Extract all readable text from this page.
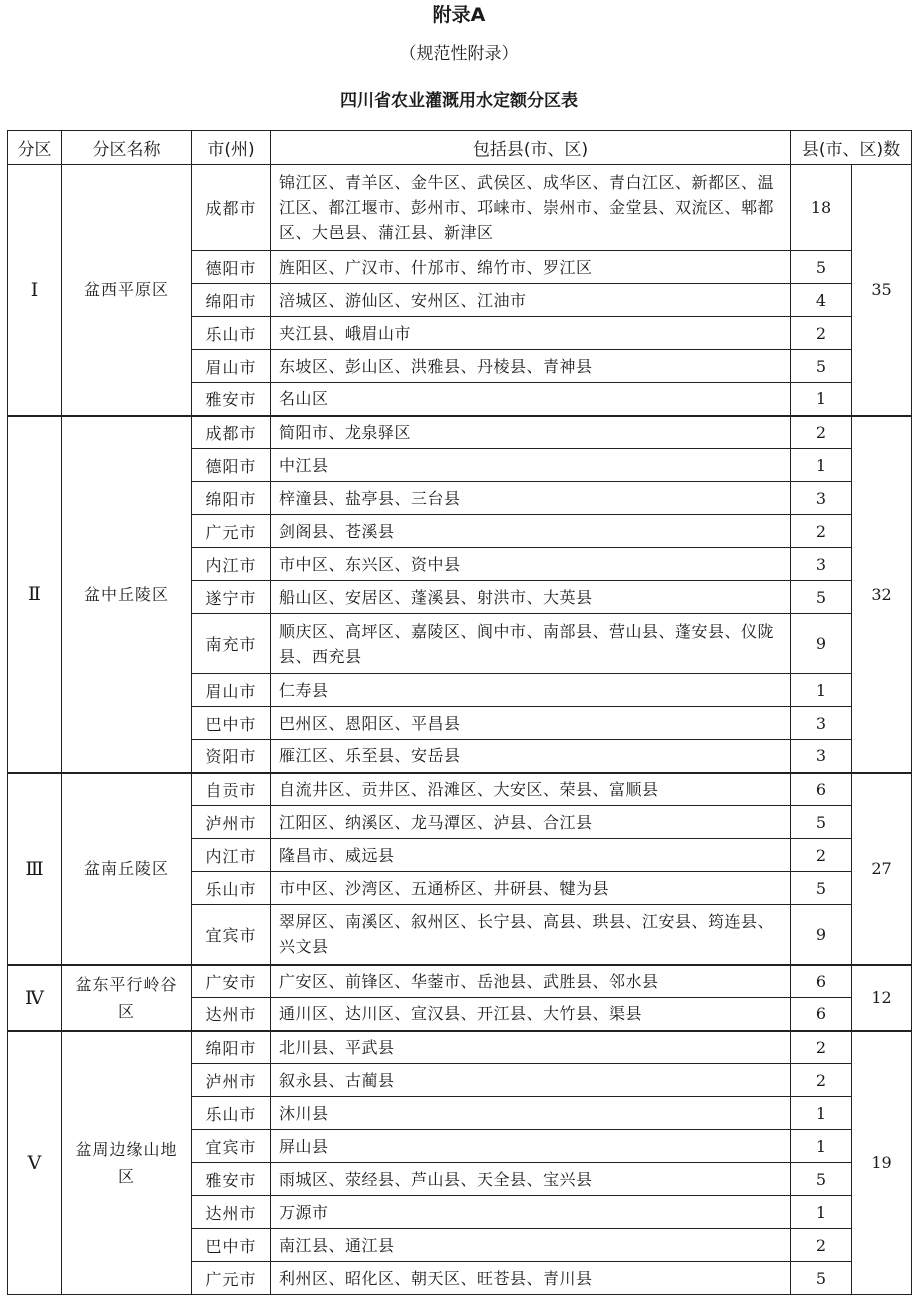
附录A
（规范性附录）
四川省农业灌溉用水定额分区表
分区	分区名称	市(州)	包括县(市、区)	县(市、区)数	
Ⅰ	盆西平原区	成都市	锦江区、青羊区、金牛区、武侯区、成华区、青白江区、新都区、温江区、都江堰市、彭州市、邛崃市、崇州市、金堂县、双流区、郫都区、大邑县、蒲江县、新津区	18	35
		德阳市	旌阳区、广汉市、什邡市、绵竹市、罗江区	5	
		绵阳市	涪城区、游仙区、安州区、江油市	4	
		乐山市	夹江县、峨眉山市	2	
		眉山市	东坡区、彭山区、洪雅县、丹棱县、青神县	5	
		雅安市	名山区	1	
Ⅱ	盆中丘陵区	成都市	简阳市、龙泉驿区	2	32
		德阳市	中江县	1	
		绵阳市	梓潼县、盐亭县、三台县	3	
		广元市	剑阁县、苍溪县	2	
		内江市	市中区、东兴区、资中县	3	
		遂宁市	船山区、安居区、蓬溪县、射洪市、大英县	5	
		南充市	顺庆区、高坪区、嘉陵区、阆中市、南部县、营山县、蓬安县、仪陇县、西充县	9	
		眉山市	仁寿县	1	
		巴中市	巴州区、恩阳区、平昌县	3	
		资阳市	雁江区、乐至县、安岳县	3	
Ⅲ	盆南丘陵区	自贡市	自流井区、贡井区、沿滩区、大安区、荣县、富顺县	6	27
		泸州市	江阳区、纳溪区、龙马潭区、泸县、合江县	5	
		内江市	隆昌市、威远县	2	
		乐山市	市中区、沙湾区、五通桥区、井研县、犍为县	5	
		宜宾市	翠屏区、南溪区、叙州区、长宁县、高县、珙县、江安县、筠连县、兴文县	9	
Ⅳ	盆东平行岭谷区	广安市	广安区、前锋区、华蓥市、岳池县、武胜县、邻水县	6	12
		达州市	通川区、达川区、宣汉县、开江县、大竹县、渠县	6	
Ⅴ	盆周边缘山地区	绵阳市	北川县、平武县	2	19
		泸州市	叙永县、古蔺县	2	
		乐山市	沐川县	1	
		宜宾市	屏山县	1	
		雅安市	雨城区、荥经县、芦山县、天全县、宝兴县	5	
		达州市	万源市	1	
		巴中市	南江县、通江县	2	
		广元市	利州区、昭化区、朝天区、旺苍县、青川县	5	
